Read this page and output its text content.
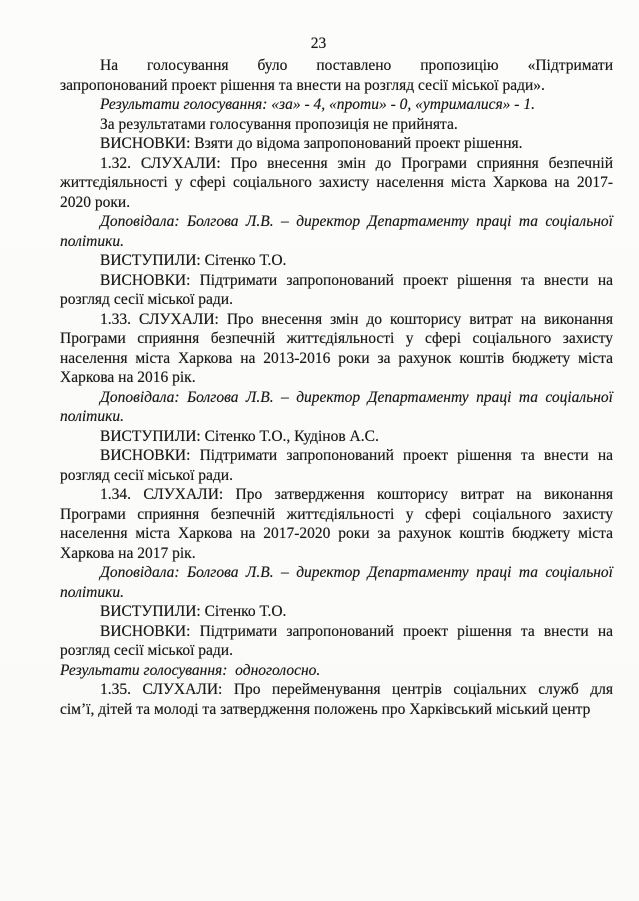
23

На голосування було поставлено пропозицію «Підтримати
запропонований проект рішення та внести на розгляд сесії міської ради».

Результати голосування: «за» - 4, «проти» - 0, «утрималися» - 1.

За результатами голосування пропозиція не прийнята.

ВИСНОВКИ: Взяти до відома запропонований проект рішення.

1.32. СЛУХАЛИ: Про внесення змін до Програми сприяння безпечній
життєдіяльності у сфері соціального захисту населення міста Харкова на 2017-
2020 роки.

Доповідала: Болгова Л.В. – директор Департаменту праці та соціальної
політики.

ВИСТУПИЛИ: Сітенко Т.О.

ВИСНОВКИ: Підтримати запропонований проект рішення та внести на
розгляд сесії міської ради.

1.33. СЛУХАЛИ: Про внесення змін до кошторису витрат на виконання
Програми сприяння безпечній життєдіяльності у сфері соціального захисту
населення міста Харкова на 2013-2016 роки за рахунок коштів бюджету міста
Харкова на 2016 рік.

Доповідала: Болгова Л.В. – директор Департаменту праці та соціальної
політики.

ВИСТУПИЛИ: Сітенко Т.О., Кудінов А.С.

ВИСНОВКИ: Підтримати запропонований проект рішення та внести на
розгляд сесії міської ради.

1.34. СЛУХАЛИ: Про затвердження кошторису витрат на виконання
Програми сприяння безпечній життєдіяльності у сфері соціального захисту
населення міста Харкова на 2017-2020 роки за рахунок коштів бюджету міста
Харкова на 2017 рік.

Доповідала: Болгова Л.В. – директор Департаменту праці та соціальної
політики.

ВИСТУПИЛИ: Сітенко Т.О.

ВИСНОВКИ: Підтримати запропонований проект рішення та внести на
розгляд сесії міської ради.

Результати голосування:  одноголосно.

1.35. СЛУХАЛИ: Про перейменування центрів соціальних служб для
сім’ї, дітей та молоді та затвердження положень про Харківський міський центр
